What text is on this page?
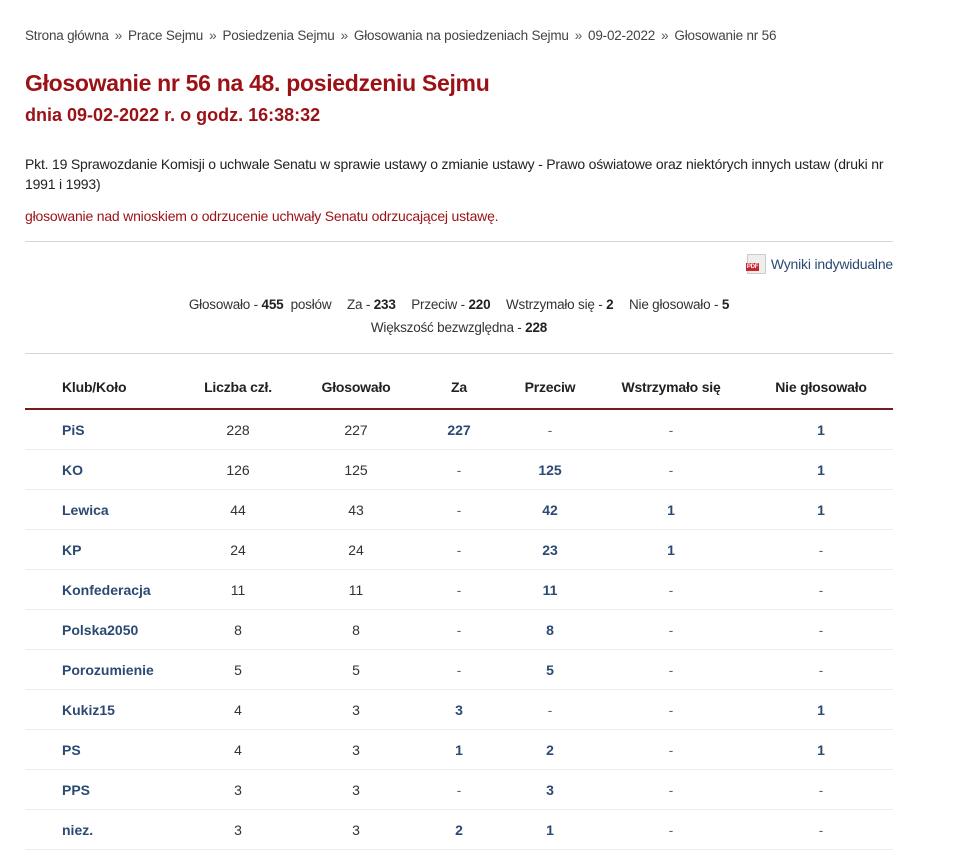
Strona główna » Prace Sejmu » Posiedzenia Sejmu » Głosowania na posiedzeniach Sejmu » 09-02-2022 » Głosowanie nr 56
Głosowanie nr 56 na 48. posiedzeniu Sejmu
dnia 09-02-2022 r. o godz. 16:38:32
Pkt. 19 Sprawozdanie Komisji o uchwale Senatu w sprawie ustawy o zmianie ustawy - Prawo oświatowe oraz niektórych innych ustaw (druki nr 1991 i 1993)
głosowanie nad wnioskiem o odrzucenie uchwały Senatu odrzucającej ustawę.
PDF Wyniki indywidualne
Głosowało - 455 posłów Za - 233 Przeciw - 220 Wstrzymało się - 2 Nie głosowało - 5
Większość bezwzględna - 228
Klub/Koło	Liczba czł.	Głosowało	Za	Przeciw	Wstrzymało się	Nie głosowało
PiS	228	227	227	-	-	1
KO	126	125	-	125	-	1
Lewica	44	43	-	42	1	1
KP	24	24	-	23	1	-
Konfederacja	11	11	-	11	-	-
Polska2050	8	8	-	8	-	-
Porozumienie	5	5	-	5	-	-
Kukiz15	4	3	3	-	-	1
PS	4	3	1	2	-	1
PPS	3	3	-	3	-	-
niez.	3	3	2	1	-	-
